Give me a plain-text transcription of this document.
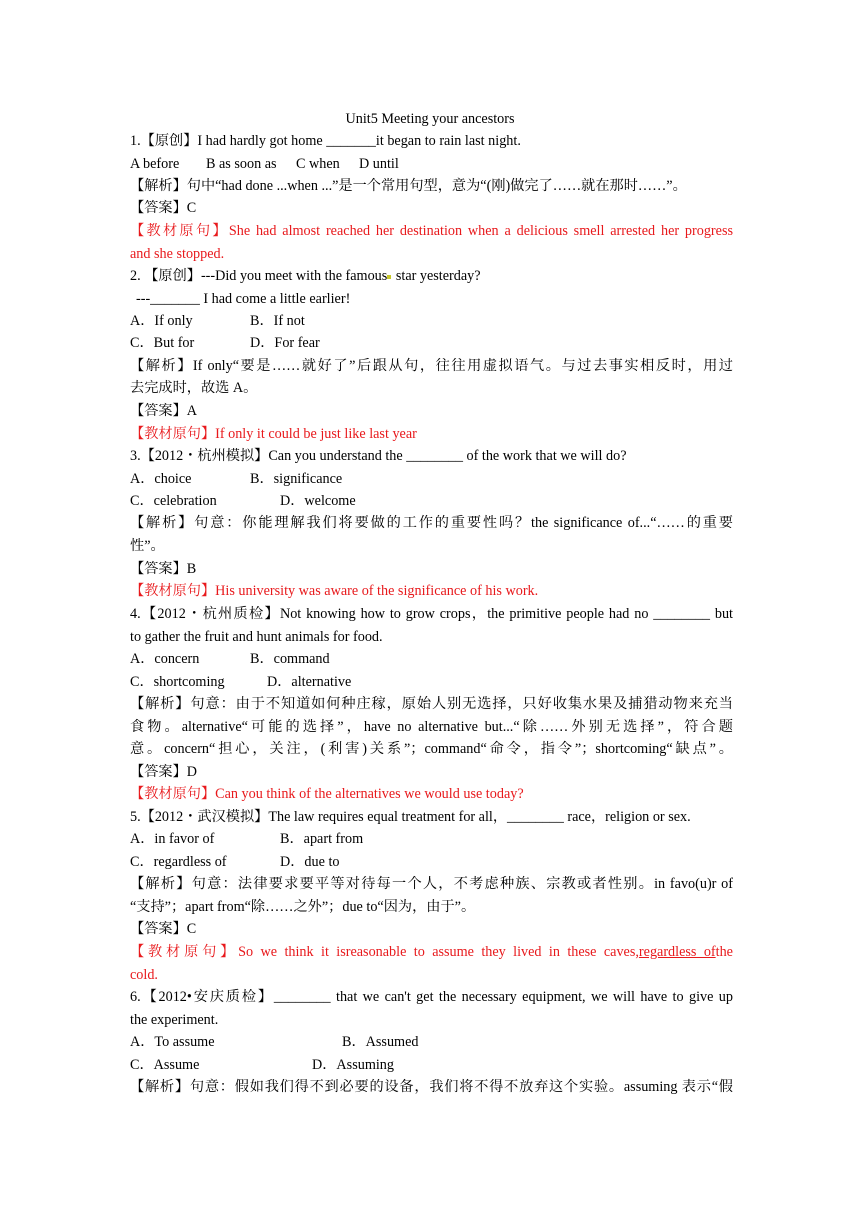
Unit5 Meeting your ancestors
1.【原创】I had hardly got home _______it began to rain last night.
A before B as soon as C when D until
【解析】句中“had done ...when ...”是一个常用句型，意为“(刚)做完了……就在那时……”。
【答案】C
【教材原句】She had almost reached her destination when a delicious smell arrested her progress
and she stopped.
2. 【原创】---Did you meet with the famous star yesterday?
---_______ I had come a little earlier!
A．If only	B．If not
C．But for	D．For fear
【解析】If only“要是……就好了”后跟从句，往往用虚拟语气。与过去事实相反时，用过
去完成时，故选 A。
【答案】A
【教材原句】If only it could be just like last year
3.【2012・杭州模拟】Can you understand the ________ of the work that we will do?
A．choice	B．significance
C．celebration	D．welcome
【解析】句意：你能理解我们将要做的工作的重要性吗？the significance of...“……的重要
性”。
【答案】B
【教材原句】His university was aware of the significance of his work.
4.【2012・杭州质检】Not knowing how to grow crops，the primitive people had no ________ but
to gather the fruit and hunt animals for food.
A．concern	B．command
C．shortcoming	D．alternative
【解析】句意：由于不知道如何种庄稼，原始人别无选择，只好收集水果及捕猎动物来充当
食物。alternative“可能的选择”，have no alternative but...“除……外别无选择”，符合题
意。concern“担心，关注，(利害)关系”；command“命令，指令”；shortcoming“缺点”。
【答案】D
【教材原句】Can you think of the alternatives we would use today?
5.【2012・武汉模拟】The law requires equal treatment for all，________ race，religion or sex.
A．in favor of	B．apart from
C．regardless of	D．due to
【解析】句意：法律要求要平等对待每一个人，不考虑种族、宗教或者性别。in favo(u)r of
“支持”；apart from“除……之外”；due to“因为，由于”。
【答案】C
【教材原句】So we think it isreasonable to assume they lived in these caves,regardless ofthe
cold.
6.【2012•安庆质检】________ that we can't get the necessary equipment, we will have to give up
the experiment.
A．To assume	B．Assumed
C．Assume	D．Assuming
【解析】句意：假如我们得不到必要的设备，我们将不得不放弃这个实验。assuming 表示“假
